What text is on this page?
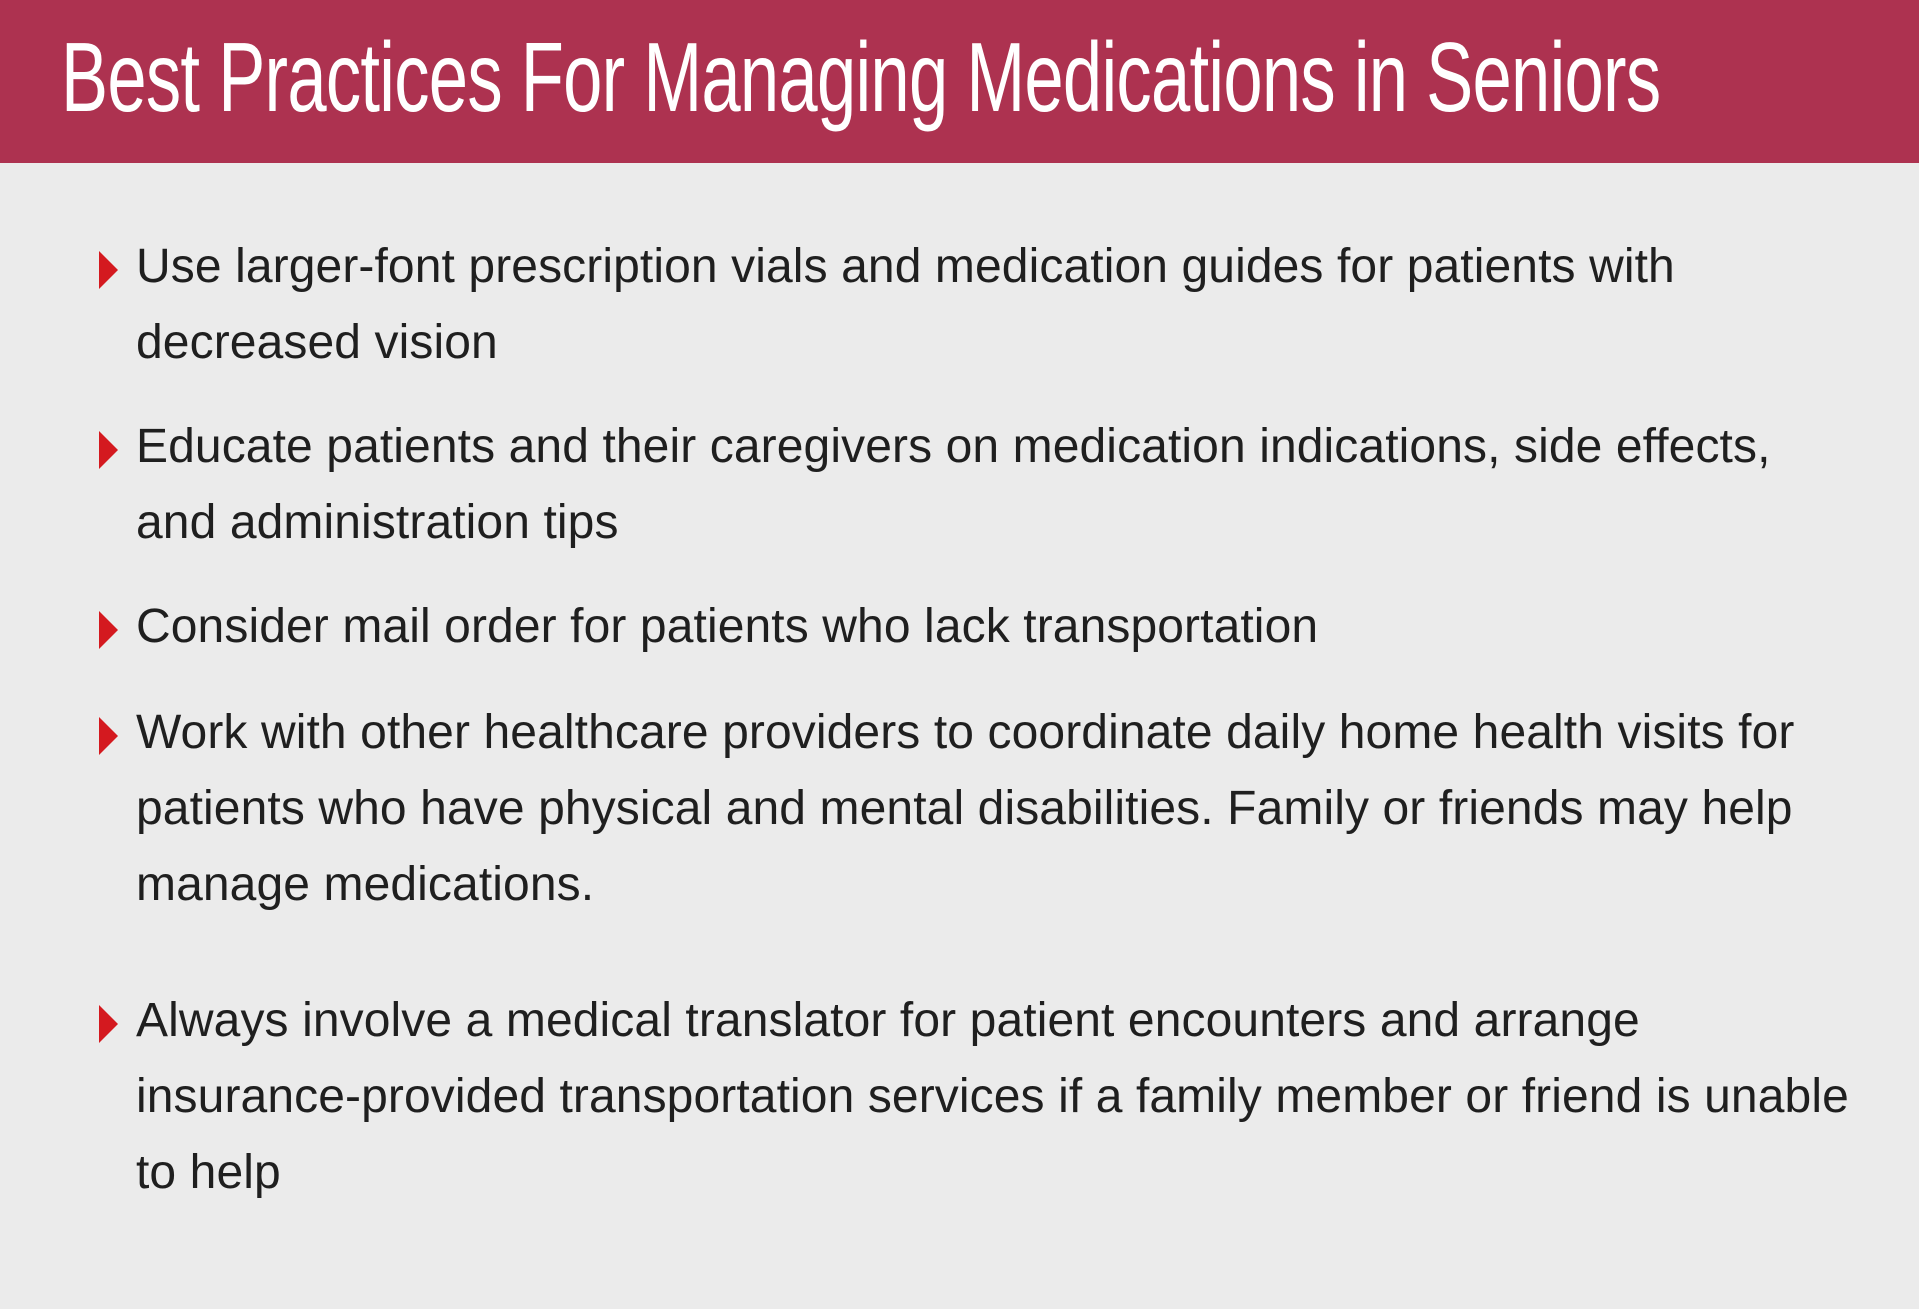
Best Practices For Managing Medications in Seniors
Use larger-font prescription vials and medication guides for patients with decreased vision
Educate patients and their caregivers on medication indications, side effects, and administration tips
Consider mail order for patients who lack transportation
Work with other healthcare providers to coordinate daily home health visits for patients who have physical and mental disabilities. Family or friends may help manage medications.
Always involve a medical translator for patient encounters and arrange insurance-provided transportation services if a family member or friend is unable to help
